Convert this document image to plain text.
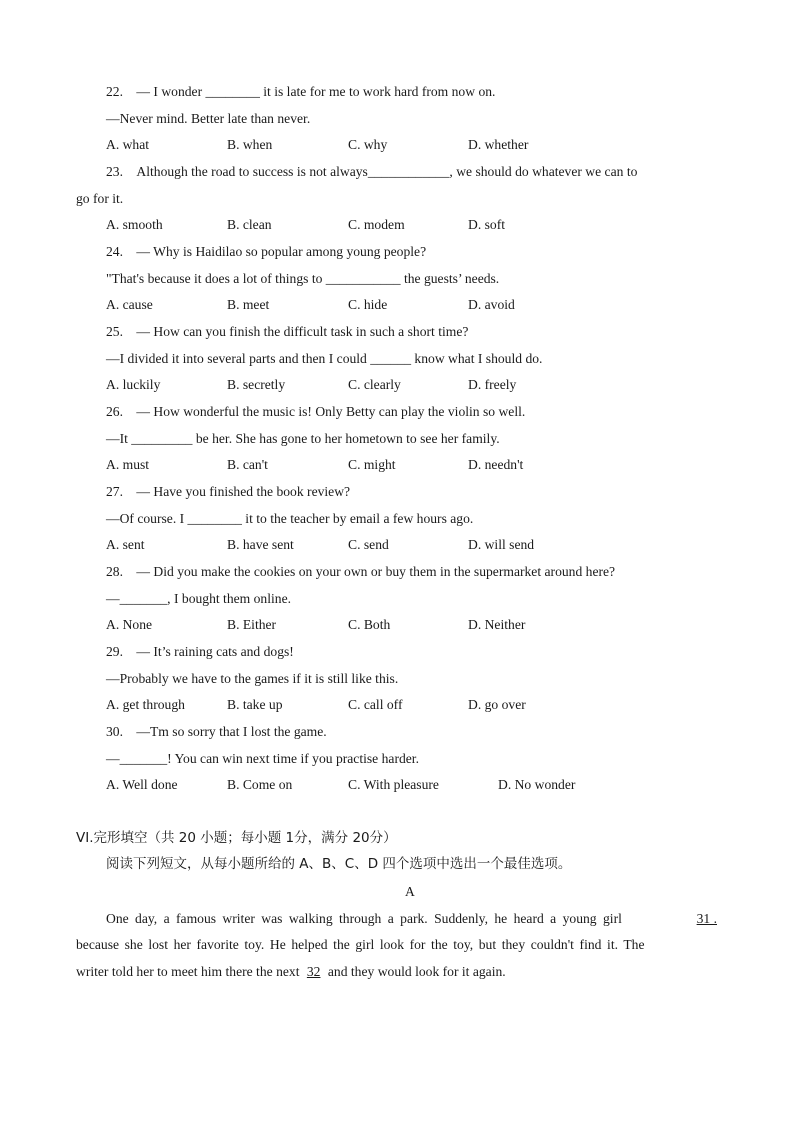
22. — I wonder ________ it is late for me to work hard from now on.
—Never mind. Better late than never.
A. what	B. when	C. why	D. whether
23. Although the road to success is not always____________, we should do whatever we can to
go for it.
A. smooth	B. clean	C. modem	D. soft
24. — Why is Haidilao so popular among young people?
"That's because it does a lot of things to ___________ the guests’ needs.
A. cause	B. meet	C. hide	D. avoid
25. — How can you finish the difficult task in such a short time?
—I divided it into several parts and then I could ______ know what I should do.
A. luckily	B. secretly	C. clearly	D. freely
26. — How wonderful the music is! Only Betty can play the violin so well.
—It _________ be her. She has gone to her hometown to see her family.
A. must	B. can't	C. might	D. needn't
27. — Have you finished the book review?
—Of course. I ________ it to the teacher by email a few hours ago.
A. sent	B. have sent	C. send	D. will send
28. — Did you make the cookies on your own or buy them in the supermarket around here?
—_______, I bought them online.
A. None	B. Either	C. Both	D. Neither
29. — It’s raining cats and dogs!
—Probably we have to the games if it is still like this.
A. get through	B. take up	C. call off	D. go over
30. —Tm so sorry that I lost the game.
—_______! You can win next time if you practise harder.
A. Well done	B. Come on	C. With pleasure	D. No wonder
VI.完形填空（共 20 小题；每小题 1分，满分 20分）
阅读下列短文，从每小题所给的 A、B、C、D 四个选项中选出一个最佳选项。
A
One day, a famous writer was walking through a park. Suddenly, he heard a young girl	31 .
because she lost her favorite toy. He helped the girl look for the toy, but they couldn't find it. The
writer told her to meet him there the next 32 and they would look for it again.
